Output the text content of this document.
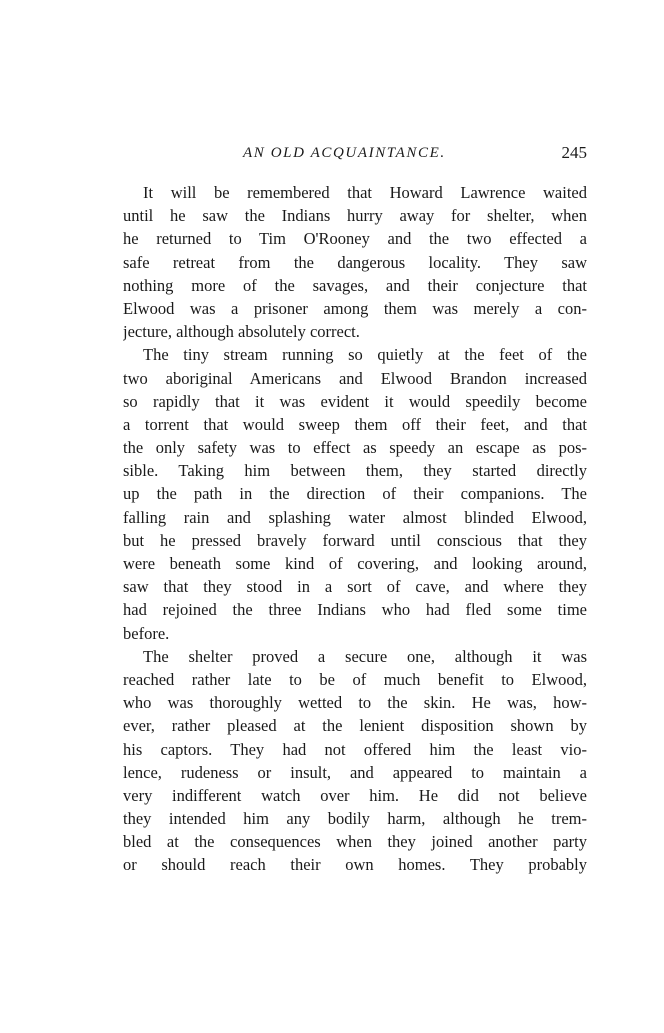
AN OLD ACQUAINTANCE.	245
It will be remembered that Howard Lawrence waited
until he saw the Indians hurry away for shelter, when
he returned to Tim O'Rooney and the two effected a
safe retreat from the dangerous locality. They saw
nothing more of the savages, and their conjecture that
Elwood was a prisoner among them was merely a con-
jecture, although absolutely correct.
The tiny stream running so quietly at the feet of the
two aboriginal Americans and Elwood Brandon increased
so rapidly that it was evident it would speedily become
a torrent that would sweep them off their feet, and that
the only safety was to effect as speedy an escape as pos-
sible. Taking him between them, they started directly
up the path in the direction of their companions. The
falling rain and splashing water almost blinded Elwood,
but he pressed bravely forward until conscious that they
were beneath some kind of covering, and looking around,
saw that they stood in a sort of cave, and where they
had rejoined the three Indians who had fled some time
before.
The shelter proved a secure one, although it was
reached rather late to be of much benefit to Elwood,
who was thoroughly wetted to the skin. He was, how-
ever, rather pleased at the lenient disposition shown by
his captors. They had not offered him the least vio-
lence, rudeness or insult, and appeared to maintain a
very indifferent watch over him. He did not believe
they intended him any bodily harm, although he trem-
bled at the consequences when they joined another party
or should reach their own homes. They probably
